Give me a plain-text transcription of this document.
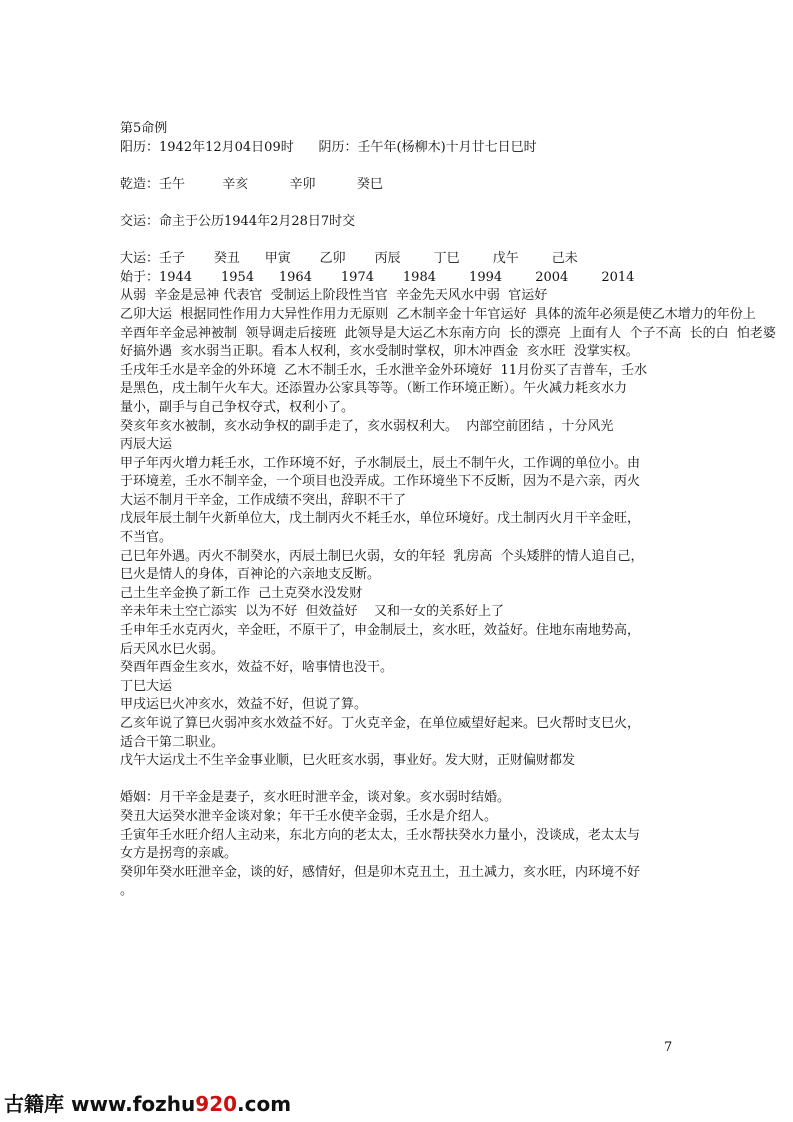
第5命例
阳历：1942年12月04日09时      阴历：壬午年(杨柳木)十月廿七日巳时
乾造：壬午         辛亥          辛卯          癸巳
交运：命主于公历1944年2月28日7时交
大运：壬子       癸丑      甲寅       乙卯       丙辰        丁巳        戊午        己未
始于：1944       1954      1964       1974       1984        1994        2004        2014
从弱  辛金是忌神 代表官  受制运上阶段性当官  辛金先天风水中弱  官运好
乙卯大运  根据同性作用力大异性作用力无原则  乙木制辛金十年官运好  具体的流年必须是使乙木增力的年份上
辛酉年辛金忌神被制  领导调走后接班  此领导是大运乙木东南方向  长的漂亮  上面有人  个子不高  长的白  怕老婆  好搞外遇  亥水弱当正职。看本人权利，亥水受制时掌权，卯木冲酉金  亥水旺  没掌实权。
壬戌年壬水是辛金的外环境  乙木不制壬水，壬水泄辛金外环境好  11月份买了吉普车，壬水
是黑色，戌土制午火车大。还添置办公家具等等。（断工作环境正断）。午火减力耗亥水力
量小，副手与自己争权夺式，权利小了。
癸亥年亥水被制，亥水动争权的副手走了，亥水弱权利大。  内部空前团结 ，十分风光
丙辰大运
甲子年丙火增力耗壬水，工作环境不好，子水制辰土，辰土不制午火，工作调的单位小。由
于环境差，壬水不制辛金，一个项目也没弄成。工作环境坐下不反断，因为不是六亲，丙火
大运不制月干辛金，工作成绩不突出，辞职不干了
戊辰年辰土制午火新单位大，戊土制丙火不耗壬水，单位环境好。戊土制丙火月干辛金旺，
不当官。
己巳年外遇。丙火不制癸水，丙辰土制巳火弱，女的年轻  乳房高  个头矮胖的情人追自己，
巳火是情人的身体，百神论的六亲地支反断。
己土生辛金换了新工作  己土克癸水没发财
辛未年未土空亡添实  以为不好  但效益好    又和一女的关系好上了
壬申年壬水克丙火，辛金旺，不原干了，申金制辰土，亥水旺，效益好。住地东南地势高，
后天风水巳火弱。
癸酉年酉金生亥水，效益不好，啥事情也没干。
丁巳大运
甲戌运巳火冲亥水，效益不好，但说了算。
乙亥年说了算巳火弱冲亥水效益不好。丁火克辛金，在单位威望好起来。巳火帮时支巳火，
适合干第二职业。
戊午大运戊土不生辛金事业顺，巳火旺亥水弱，事业好。发大财，正财偏财都发
婚姻：月干辛金是妻子，亥水旺时泄辛金，谈对象。亥水弱时结婚。
癸丑大运癸水泄辛金谈对象；年干壬水使辛金弱，壬水是介绍人。
壬寅年壬水旺介绍人主动来，东北方向的老太太，壬水帮扶癸水力量小，没谈成，老太太与
女方是拐弯的亲戚。
癸卯年癸水旺泄辛金，谈的好，感情好，但是卯木克丑土，丑土减力，亥水旺，内环境不好
。
7
古籍库 www.fozhu920.com
